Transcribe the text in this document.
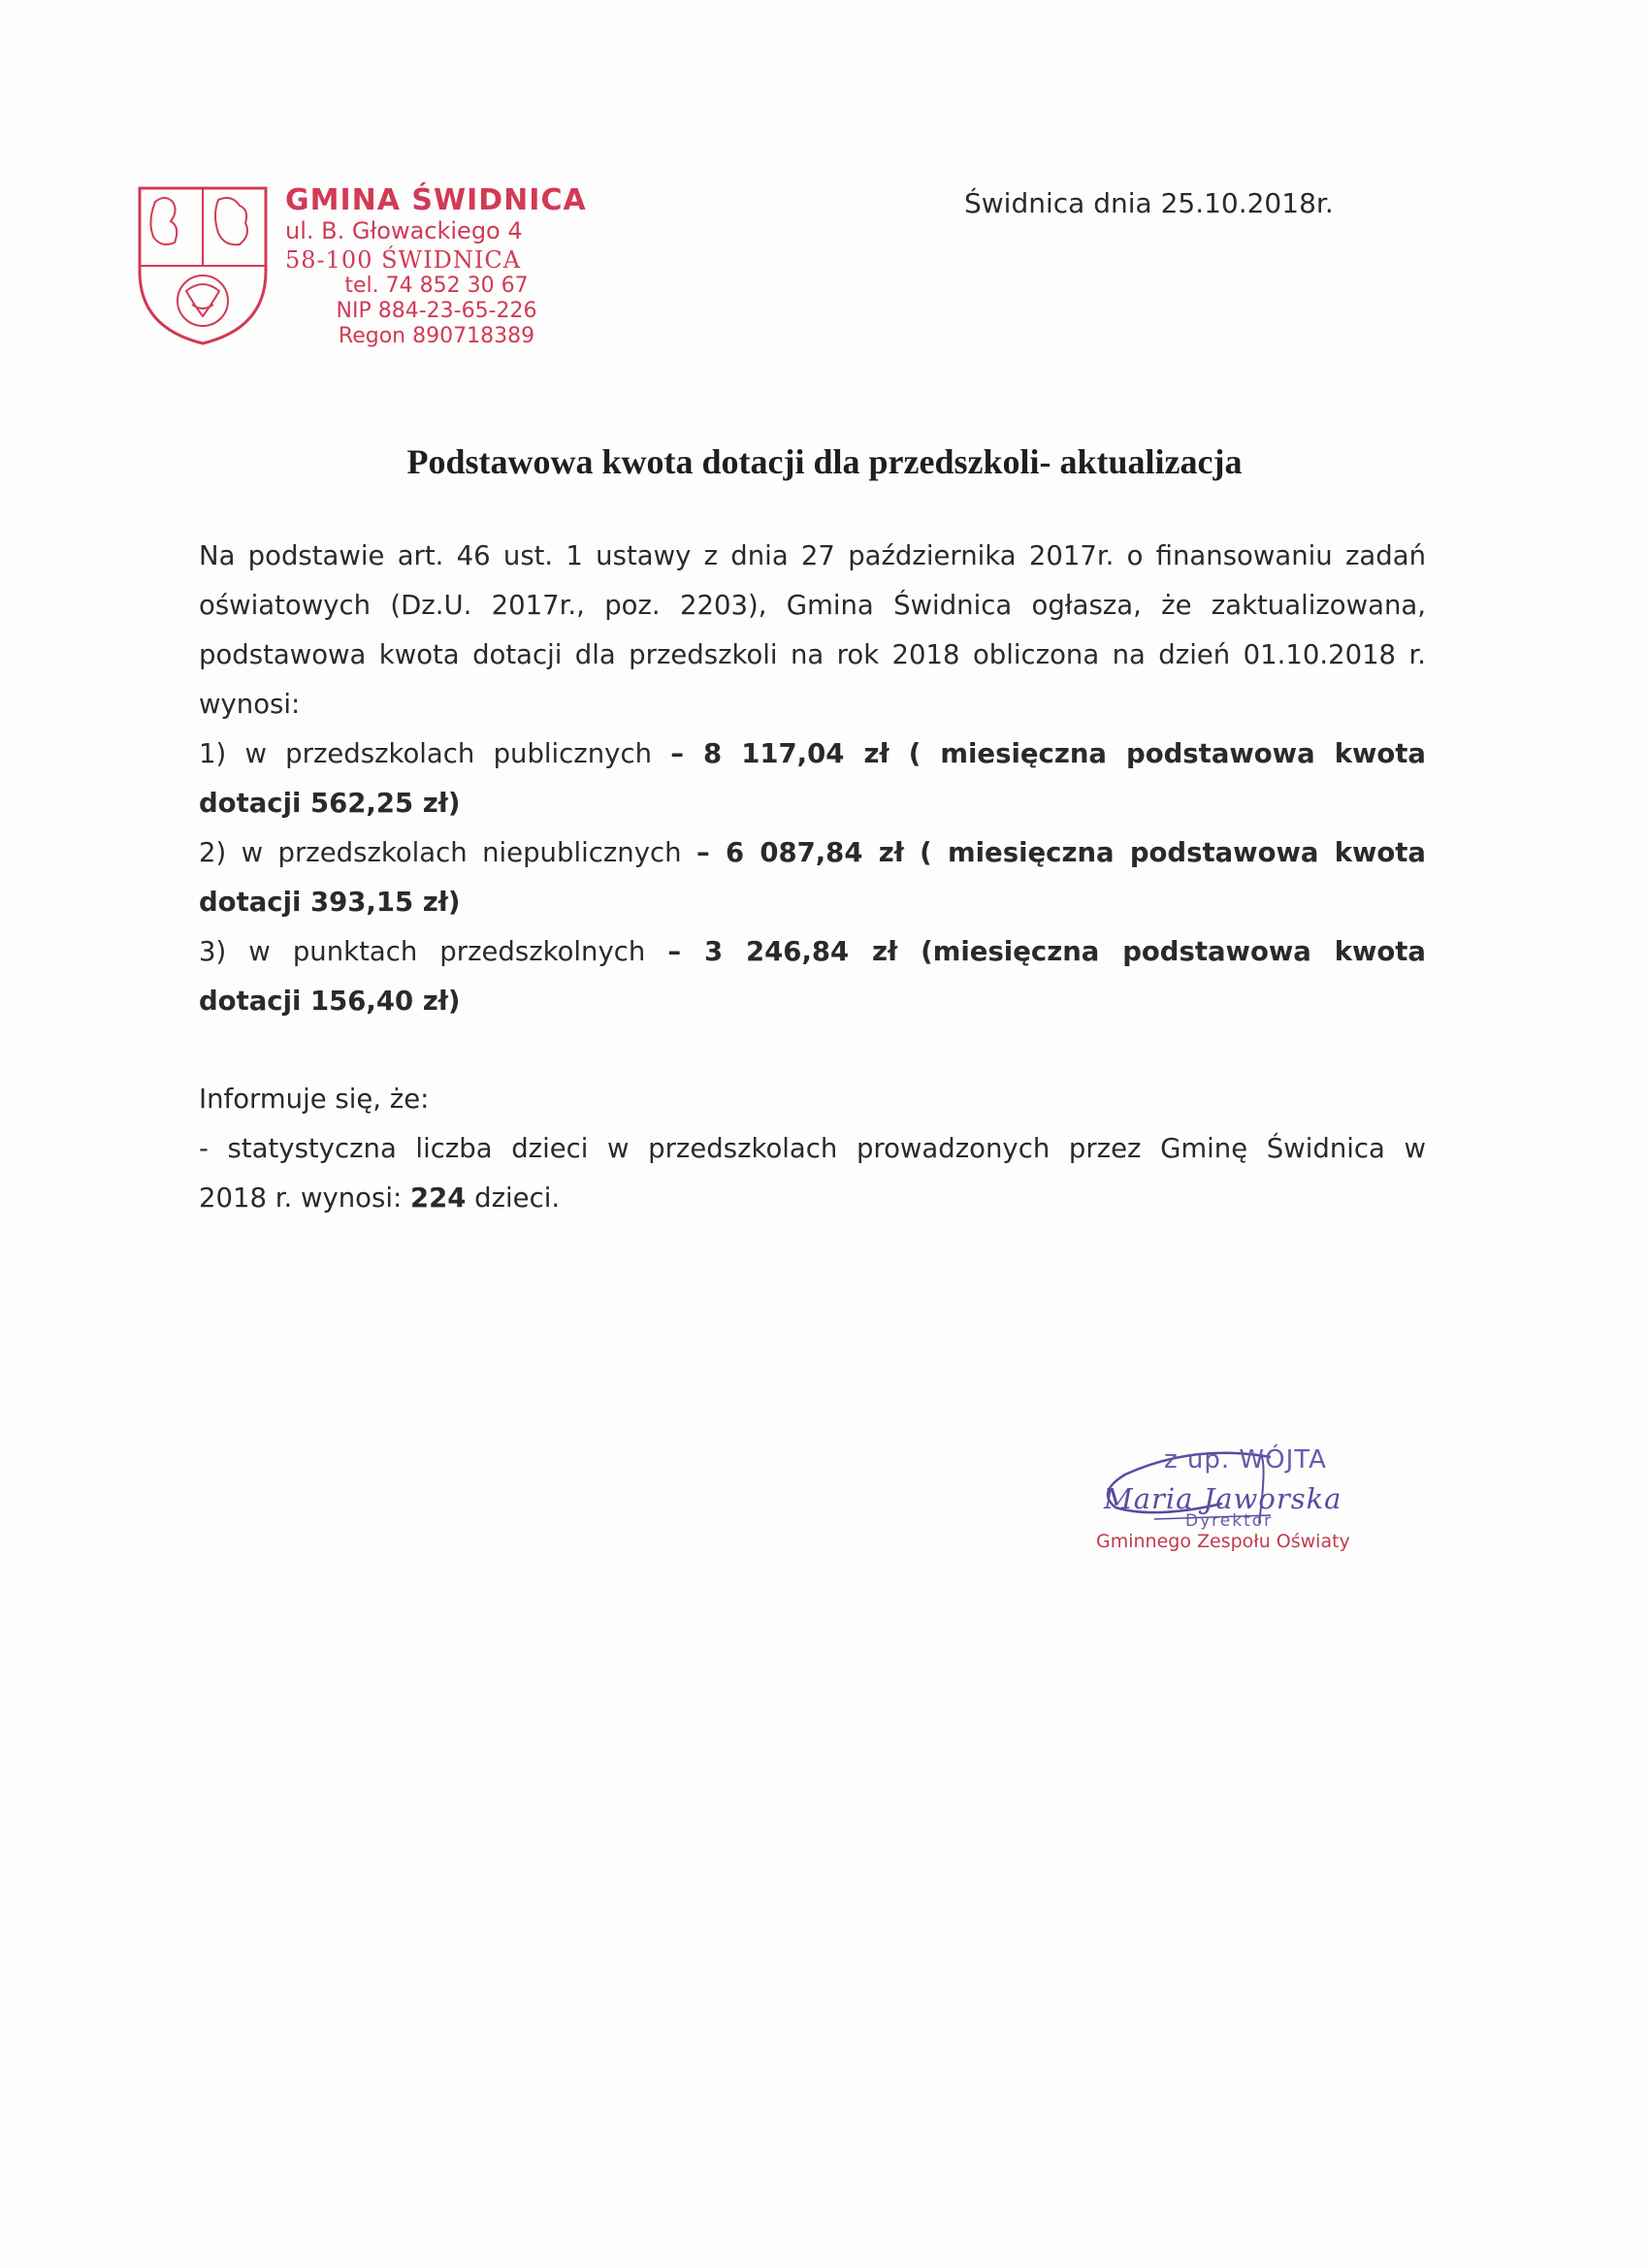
GMINA ŚWIDNICA
ul. B. Głowackiego 4
58-100 ŚWIDNICA
tel. 74 852 30 67
NIP 884-23-65-226
Regon 890718389
Świdnica dnia 25.10.2018r.
Podstawowa kwota dotacji dla przedszkoli- aktualizacja
Na podstawie art. 46 ust. 1 ustawy z dnia 27 października 2017r. o finansowaniu zadań
oświatowych (Dz.U. 2017r., poz. 2203), Gmina Świdnica ogłasza, że zaktualizowana,
podstawowa kwota dotacji dla przedszkoli na rok 2018 obliczona na dzień 01.10.2018 r.
wynosi:
1) w przedszkolach publicznych – 8 117,04 zł ( miesięczna podstawowa kwota
dotacji 562,25 zł)
2) w przedszkolach niepublicznych – 6 087,84 zł ( miesięczna podstawowa kwota
dotacji 393,15 zł)
3) w punktach przedszkolnych – 3 246,84 zł (miesięczna podstawowa kwota
dotacji 156,40 zł)
Informuje się, że:
- statystyczna liczba dzieci w przedszkolach prowadzonych przez Gminę Świdnica w
2018 r. wynosi: 224 dzieci.
z up. WÓJTA
Maria Jaworska
Dyrektor
Gminnego Zespołu Oświaty
